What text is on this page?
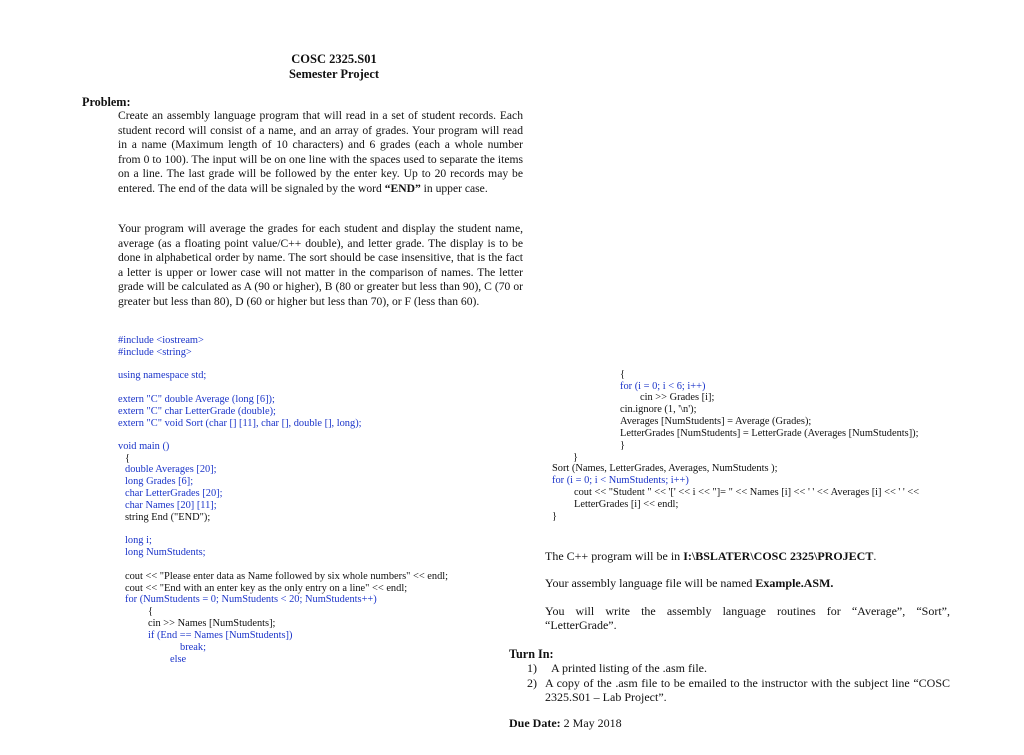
COSC 2325.S01
Semester Project
Problem:
Create an assembly language program that will read in a set of student records. Each student record will consist of a name, and an array of grades. Your program will read in a name (Maximum length of 10 characters) and 6 grades (each a whole number from 0 to 100). The input will be on one line with the spaces used to separate the items on a line. The last grade will be followed by the enter key. Up to 20 records may be entered. The end of the data will be signaled by the word “END” in upper case.
Your program will average the grades for each student and display the student name, average (as a floating point value/C++ double), and letter grade. The display is to be done in alphabetical order by name. The sort should be case insensitive, that is the fact a letter is upper or lower case will not matter in the comparison of names. The letter grade will be calculated as A (90 or higher), B (80 or greater but less than 90), C (70 or greater but less than 80), D (60 or higher but less than 70), or F (less than 60).
#include <iostream>
#include <string>
using namespace std;
extern "C" double Average (long [6]);
extern "C" char LetterGrade (double);
extern "C" void Sort (char [] [11], char [], double [], long);
void main ()
{
double Averages [20];
long Grades [6];
char LetterGrades [20];
char Names [20] [11];
string End ("END");
long i;
long NumStudents;
cout << "Please enter data as Name followed by six whole numbers" << endl;
cout << "End with an enter key as the only entry on a line" << endl;
for (NumStudents = 0; NumStudents < 20; NumStudents++)
{
cin >> Names [NumStudents];
if (End == Names [NumStudents])
break;
else
{
for (i = 0; i < 6; i++)
cin >> Grades [i];
cin.ignore (1, '\n');
Averages [NumStudents] = Average (Grades);
LetterGrades [NumStudents] = LetterGrade (Averages [NumStudents]);
}
}
Sort (Names, LetterGrades, Averages, NumStudents );
for (i = 0; i < NumStudents; i++)
cout << "Student " << '[' << i << "]= " << Names [i] << ' ' << Averages [i] << ' ' <<
LetterGrades [i] << endl;
}
The C++ program will be in I:\BSLATER\COSC 2325\PROJECT.
Your assembly language file will be named Example.ASM.
You will write the assembly language routines for “Average”, “Sort”, “LetterGrade”.
Turn In:
1) A printed listing of the .asm file.
2) A copy of the .asm file to be emailed to the instructor with the subject line “COSC 2325.S01 – Lab Project”.
Due Date: 2 May 2018
